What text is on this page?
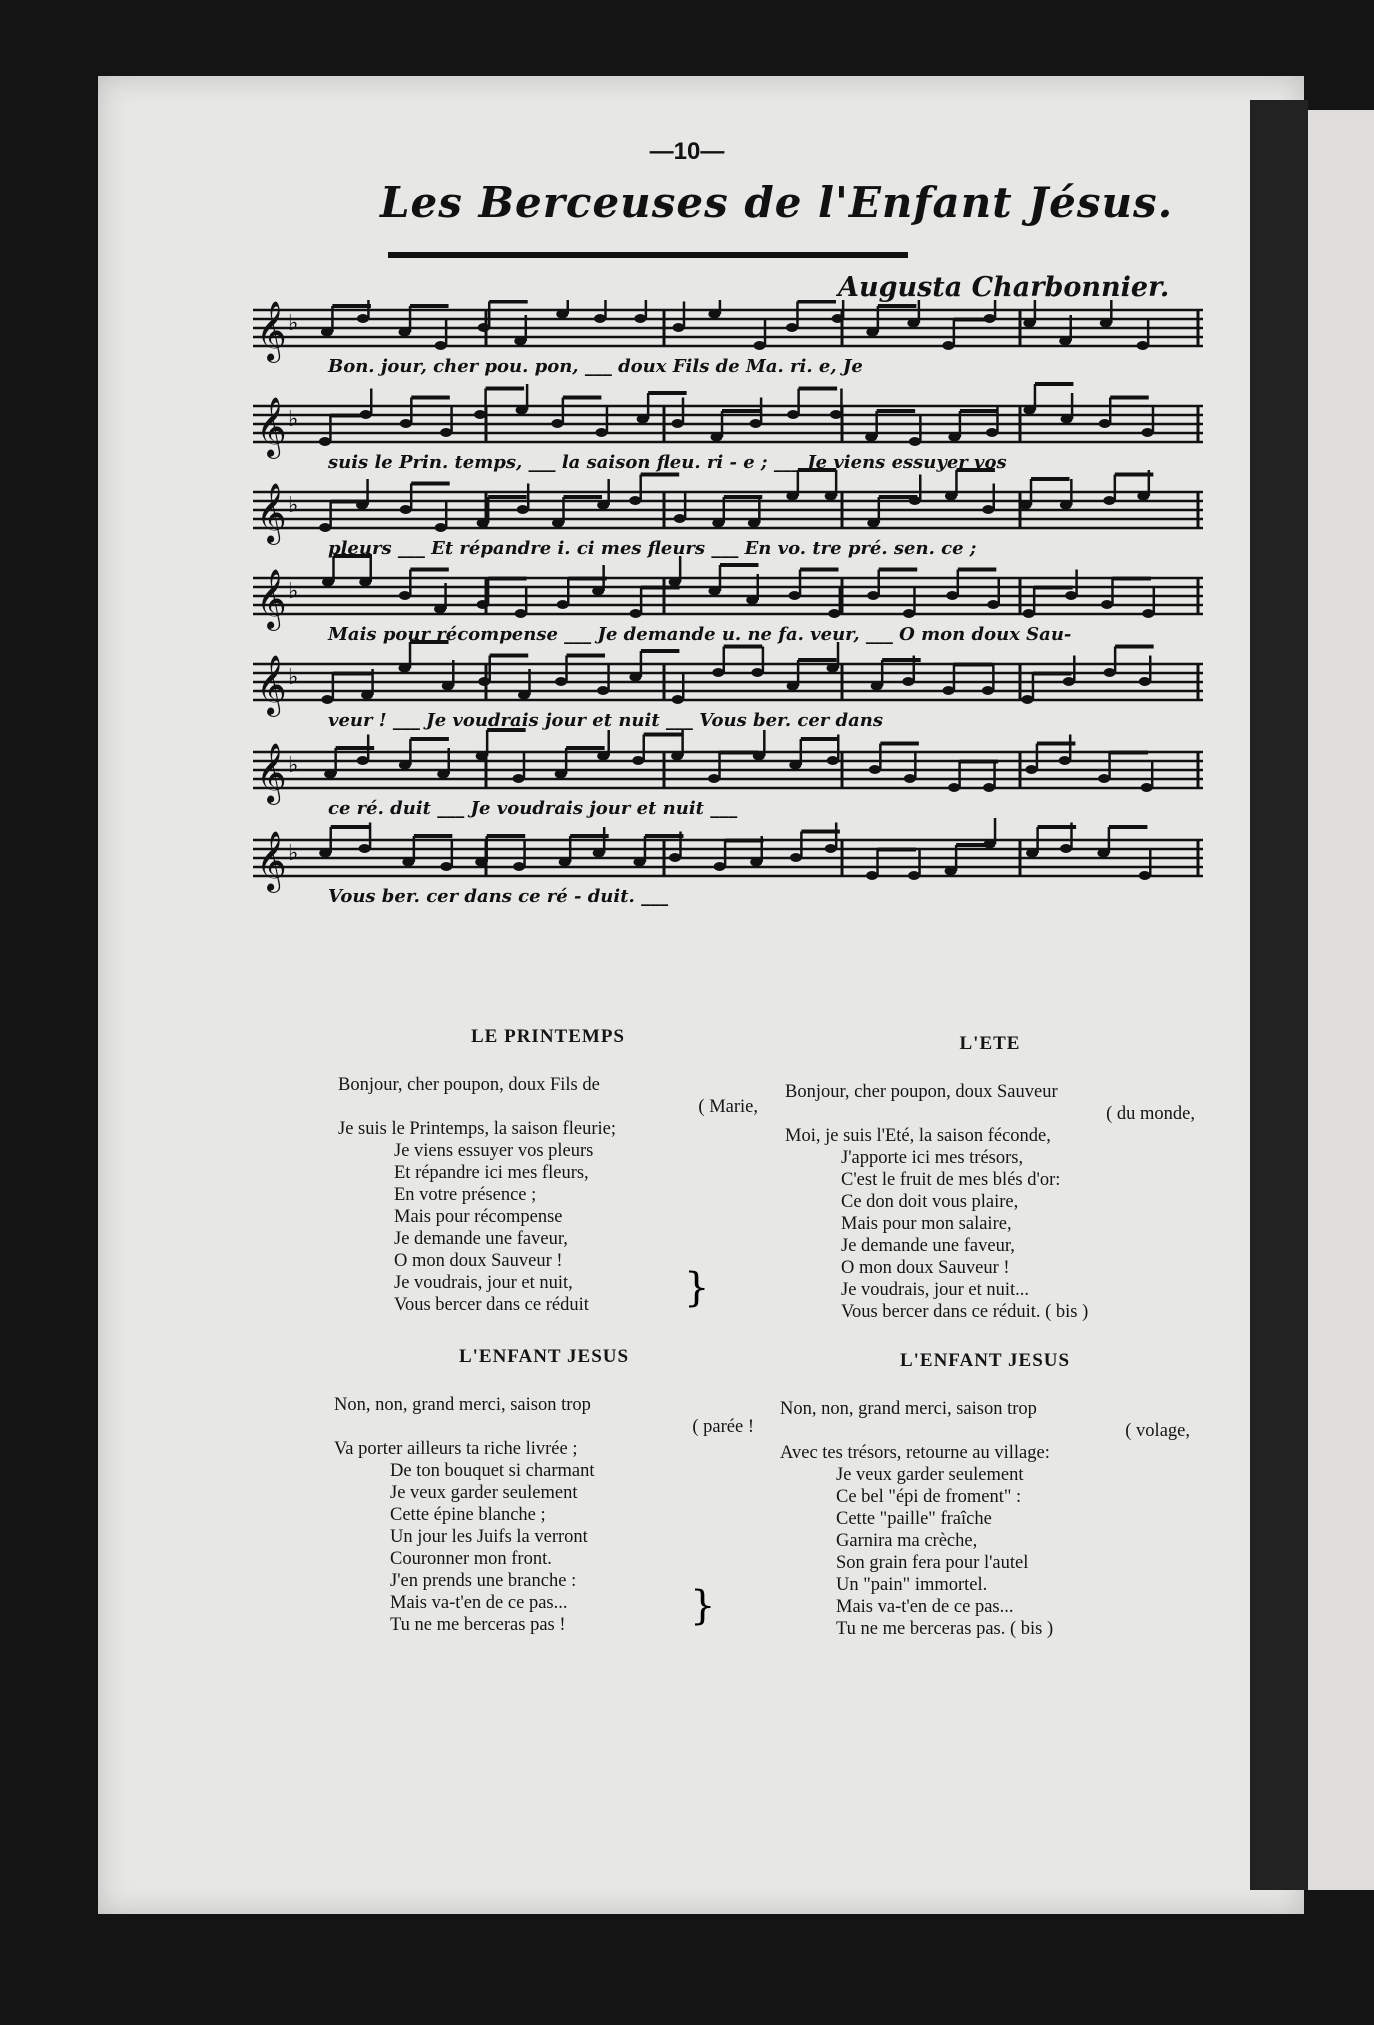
—10—
Les Berceuses de l'Enfant Jésus.
Augusta Charbonnier.
𝄞 ♭
𝄞 ♭
𝄞 ♭
𝄞 ♭
𝄞 ♭
𝄞 ♭
𝄞 ♭
Bon. jour, cher pou. pon, ___ doux Fils de Ma. ri. e, Je
suis le Prin. temps, ___ la saison fleu. ri - e ; ___ Je viens essuyer vos
pleurs ___ Et répandre i. ci mes fleurs ___ En vo. tre pré. sen. ce ;
Mais pour récompense ___ Je demande u. ne fa. veur, ___ O mon doux Sau-
veur ! ___ Je voudrais jour et nuit ___ Vous ber. cer dans
ce ré. duit ___ Je voudrais jour et nuit ___
Vous ber. cer dans ce ré - duit. ___
LE PRINTEMPS
Bonjour, cher poupon, doux Fils de
( Marie,
Je suis le Printemps, la saison fleurie;
Je viens essuyer vos pleurs
Et répandre ici mes fleurs,
En votre présence ;
Mais pour récompense
Je demande une faveur,
O mon doux Sauveur !
Je voudrais, jour et nuit,
Vous bercer dans ce réduit	}
L'ETE
Bonjour, cher poupon, doux Sauveur
( du monde,
Moi, je suis l'Eté, la saison féconde,
J'apporte ici mes trésors,
C'est le fruit de mes blés d'or:
Ce don doit vous plaire,
Mais pour mon salaire,
Je demande une faveur,
O mon doux Sauveur !
Je voudrais, jour et nuit...
Vous bercer dans ce réduit. ( bis )
L'ENFANT JESUS
Non, non, grand merci, saison trop
( parée !
Va porter ailleurs ta riche livrée ;
De ton bouquet si charmant
Je veux garder seulement
Cette épine blanche ;
Un jour les Juifs la verront
Couronner mon front.
J'en prends une branche :
Mais va-t'en de ce pas...
Tu ne me berceras pas !	}
L'ENFANT JESUS
Non, non, grand merci, saison trop
( volage,
Avec tes trésors, retourne au village:
Je veux garder seulement
Ce bel "épi de froment" :
Cette "paille" fraîche
Garnira ma crèche,
Son grain fera pour l'autel
Un "pain" immortel.
Mais va-t'en de ce pas...
Tu ne me berceras pas. ( bis )
